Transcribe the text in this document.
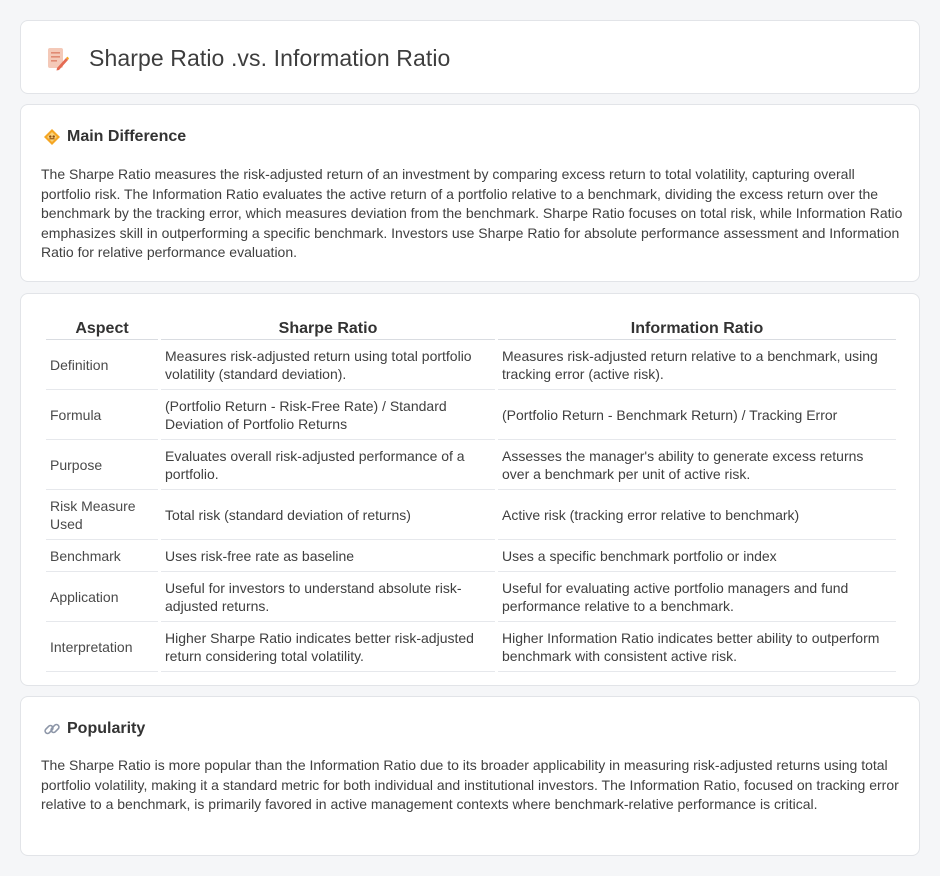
Sharpe Ratio .vs. Information Ratio
Main Difference

The Sharpe Ratio measures the risk-adjusted return of an investment by comparing excess return to total volatility, capturing overall portfolio risk. The Information Ratio evaluates the active return of a portfolio relative to a benchmark, dividing the excess return over the benchmark by the tracking error, which measures deviation from the benchmark. Sharpe Ratio focuses on total risk, while Information Ratio emphasizes skill in outperforming a specific benchmark. Investors use Sharpe Ratio for absolute performance assessment and Information Ratio for relative performance evaluation.

Aspect	Sharpe Ratio	Information Ratio
Definition	Measures risk-adjusted return using total portfolio volatility (standard deviation).	Measures risk-adjusted return relative to a benchmark, using tracking error (active risk).
Formula	(Portfolio Return - Risk-Free Rate) / Standard Deviation of Portfolio Returns	(Portfolio Return - Benchmark Return) / Tracking Error
Purpose	Evaluates overall risk-adjusted performance of a portfolio.	Assesses the manager's ability to generate excess returns over a benchmark per unit of active risk.
Risk Measure Used	Total risk (standard deviation of returns)	Active risk (tracking error relative to benchmark)
Benchmark	Uses risk-free rate as baseline	Uses a specific benchmark portfolio or index
Application	Useful for investors to understand absolute risk-adjusted returns.	Useful for evaluating active portfolio managers and fund performance relative to a benchmark.
Interpretation	Higher Sharpe Ratio indicates better risk-adjusted return considering total volatility.	Higher Information Ratio indicates better ability to outperform benchmark with consistent active risk.
Popularity

The Sharpe Ratio is more popular than the Information Ratio due to its broader applicability in measuring risk-adjusted returns using total portfolio volatility, making it a standard metric for both individual and institutional investors. The Information Ratio, focused on tracking error relative to a benchmark, is primarily favored in active management contexts where benchmark-relative performance is critical.
